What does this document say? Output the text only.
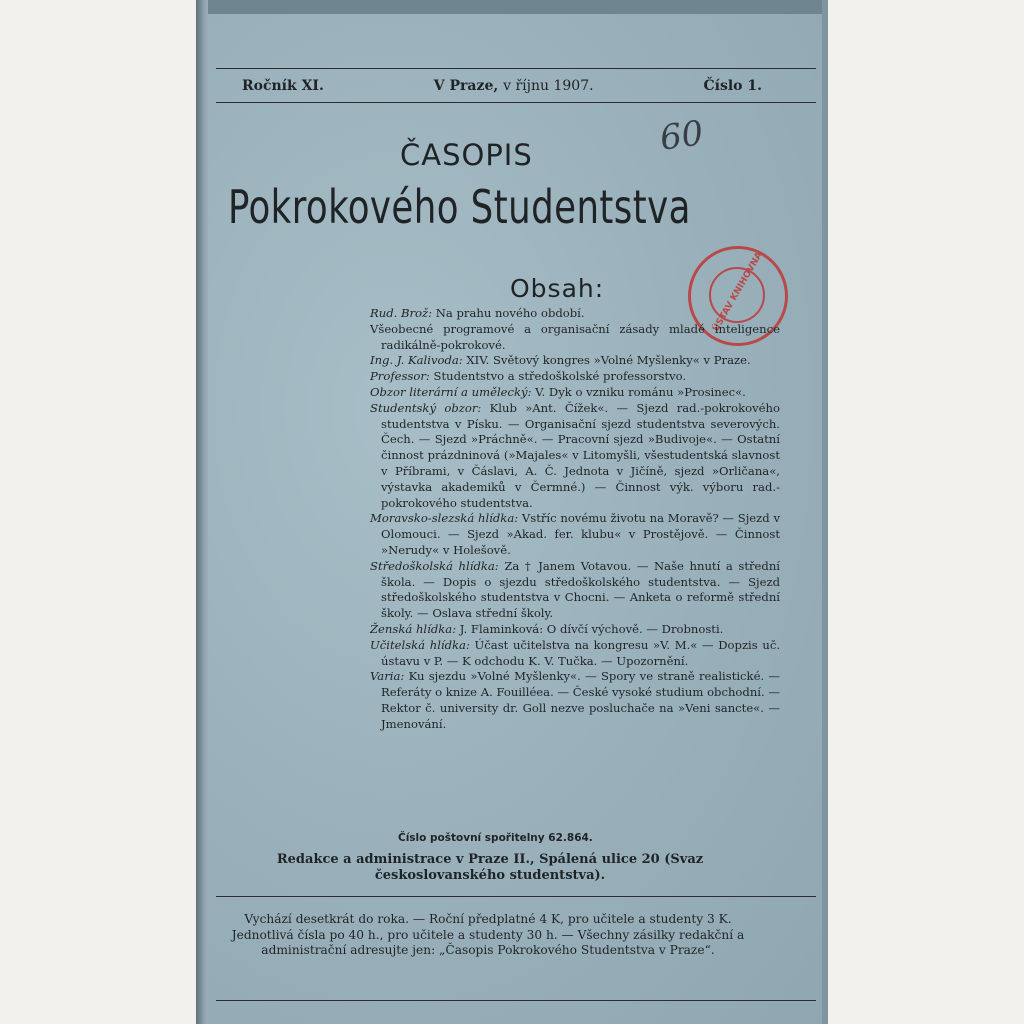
Ročník XI.	V Praze, v říjnu 1907.	Číslo 1.
ČASOPIS
Pokrokového Studentstva
60
ÚSTAV KNIHOVNA
Obsah:
Rud. Brož: Na prahu nového období.
Všeobecné programové a organisační zásady mladé inteligence radikálně-pokrokové.
Ing. J. Kalivoda: XIV. Světový kongres »Volné Myšlenky« v Praze.
Professor: Studentstvo a středoškolské professorstvo.
Obzor literární a umělecký: V. Dyk o vzniku románu »Prosinec«.
Studentský obzor: Klub »Ant. Čížek«. — Sjezd rad.-pokrokového studentstva v Písku. — Organisační sjezd studentstva severových. Čech. — Sjezd »Práchně«. — Pracovní sjezd »Budivoje«. — Ostatní činnost prázdninová (»Majales« v Litomyšli, všestudentská slavnost v Příbrami, v Čáslavi, A. Č. Jednota v Jičíně, sjezd »Orličana«, výstavka akademiků v Čermné.) — Činnost výk. výboru rad.-pokrokového studentstva.
Moravsko-slezská hlídka: Vstříc novému životu na Moravě? — Sjezd v Olomouci. — Sjezd »Akad. fer. klubu« v Prostějově. — Činnost »Nerudy« v Holešově.
Středoškolská hlídka: Za † Janem Votavou. — Naše hnutí a střední škola. — Dopis o sjezdu středoškolského studentstva. — Sjezd středoškolského studentstva v Chocni. — Anketa o reformě střední školy. — Oslava střední školy.
Ženská hlídka: J. Flaminková: O dívčí výchově. — Drobnosti.
Učitelská hlídka: Účast učitelstva na kongresu »V. M.« — Dopzis uč. ústavu v P. — K odchodu K. V. Tučka. — Upozornění.
Varia: Ku sjezdu »Volné Myšlenky«. — Spory ve straně realistické. — Referáty o knize A. Fouilléea. — České vysoké studium obchodní. — Rektor č. university dr. Goll nezve posluchače na »Veni sancte«. — Jmenování.
Číslo poštovní spořitelny 62.864.
Redakce a administrace v Praze II., Spálená ulice 20 (Svaz českoslovanského studentstva).
Vychází desetkrát do roka. — Roční předplatné 4 K, pro učitele a studenty 3 K. Jednotlivá čísla po 40 h., pro učitele a studenty 30 h. — Všechny zásilky redakční a administrační adresujte jen: „Časopis Pokrokového Studentstva v Praze“.
